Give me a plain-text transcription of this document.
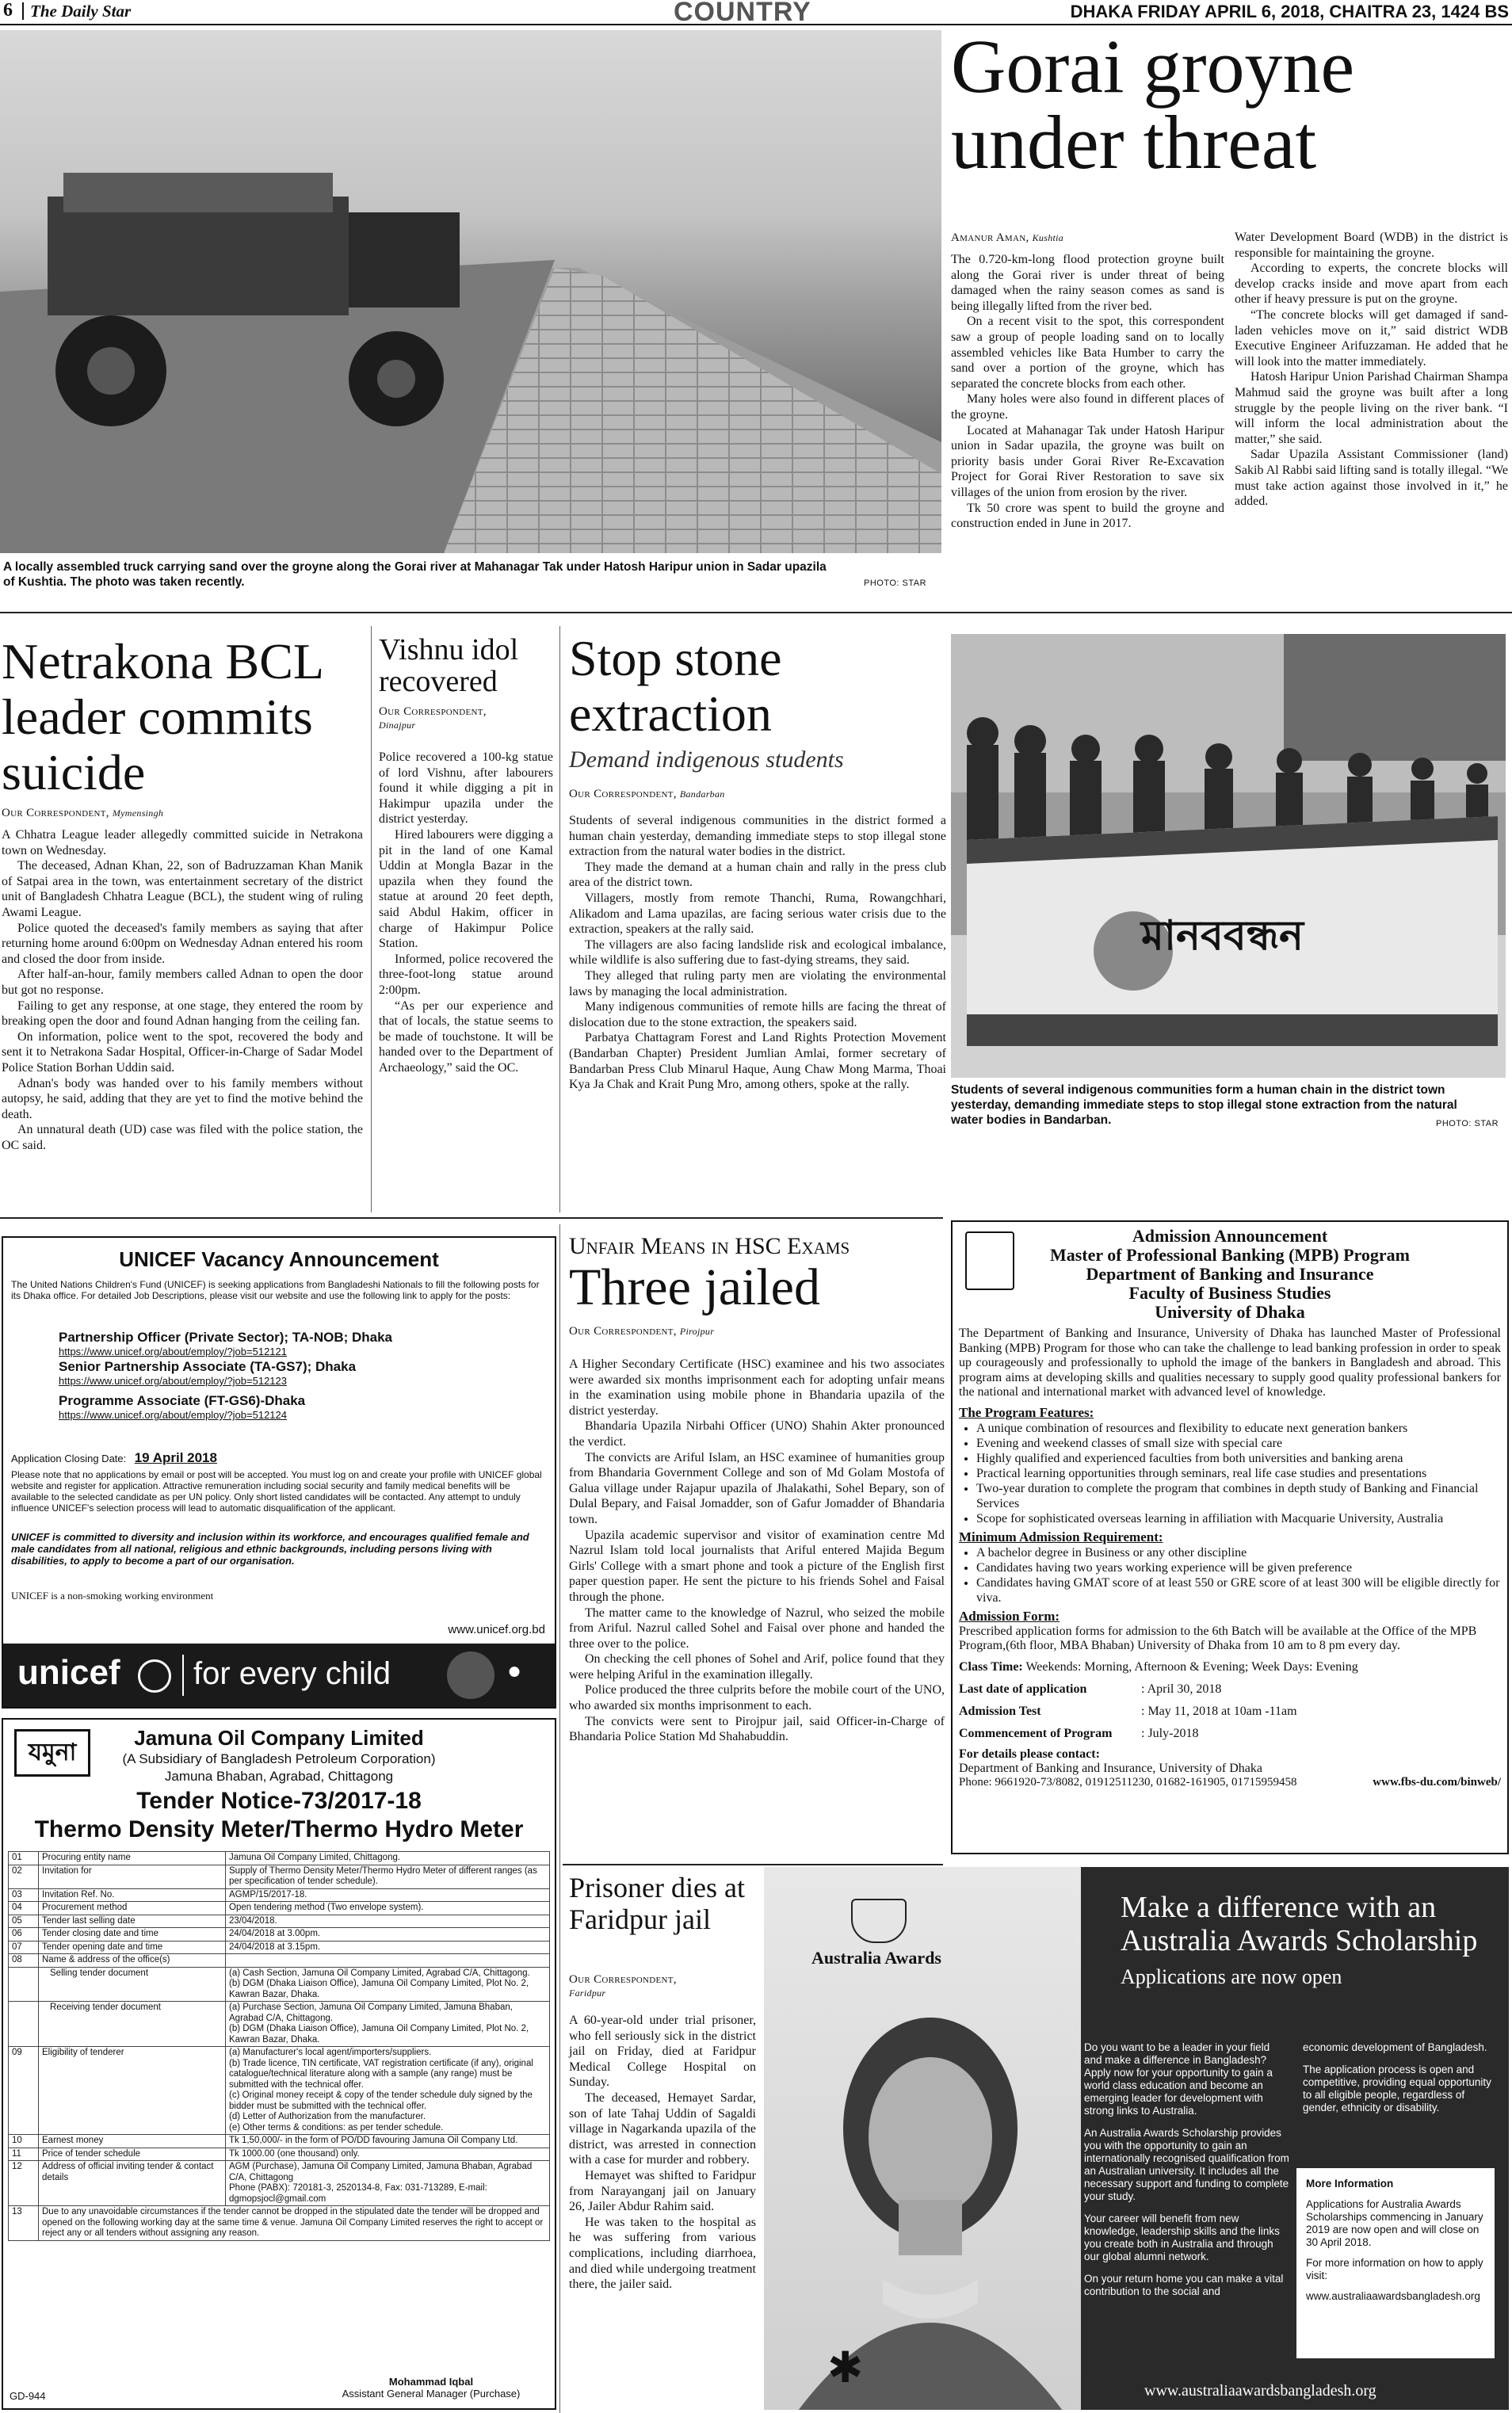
6 The Daily Star	COUNTRY	DHAKA FRIDAY APRIL 6, 2018, CHAITRA 23, 1424 BS
A locally assembled truck carrying sand over the groyne along the Gorai river at Mahanagar Tak under Hatosh Haripur union in Sadar upazila of Kushtia. The photo was taken recently.	PHOTO: STAR
Gorai groyne
under threat
Amanur Aman, Kushtia

The 0.720-km-long flood protection groyne built along the Gorai river is under threat of being damaged when the rainy season comes as sand is being illegally lifted from the river bed.

On a recent visit to the spot, this correspondent saw a group of people loading sand on to locally assembled vehicles like Bata Humber to carry the sand over a portion of the groyne, which has separated the concrete blocks from each other.

Many holes were also found in different places of the groyne.

Located at Mahanagar Tak under Hatosh Haripur union in Sadar upazila, the groyne was built on priority basis under Gorai River Re-Excavation Project for Gorai River Restoration to save six villages of the union from erosion by the river.

Tk 50 crore was spent to build the groyne and construction ended in June in 2017.

Water Development Board (WDB) in the district is responsible for maintaining the groyne.

According to experts, the concrete blocks will develop cracks inside and move apart from each other if heavy pressure is put on the groyne.

“The concrete blocks will get damaged if sand-laden vehicles move on it,” said district WDB Executive Engineer Arifuzzaman. He added that he will look into the matter immediately.

Hatosh Haripur Union Parishad Chairman Shampa Mahmud said the groyne was built after a long struggle by the people living on the river bank. “I will inform the local administration about the matter,” she said.

Sadar Upazila Assistant Commissioner (land) Sakib Al Rabbi said lifting sand is totally illegal. “We must take action against those involved in it,” he added.

Netrakona BCL leader commits suicide
Our Correspondent, Mymensingh

A Chhatra League leader allegedly committed suicide in Netrakona town on Wednesday.

The deceased, Adnan Khan, 22, son of Badruzzaman Khan Manik of Satpai area in the town, was entertainment secretary of the district unit of Bangladesh Chhatra League (BCL), the student wing of ruling Awami League.

Police quoted the deceased's family members as saying that after returning home around 6:00pm on Wednesday Adnan entered his room and closed the door from inside.

After half-an-hour, family members called Adnan to open the door but got no response.

Failing to get any response, at one stage, they entered the room by breaking open the door and found Adnan hanging from the ceiling fan.

On information, police went to the spot, recovered the body and sent it to Netrakona Sadar Hospital, Officer-in-Charge of Sadar Model Police Station Borhan Uddin said.

Adnan's body was handed over to his family members without autopsy, he said, adding that they are yet to find the motive behind the death.

An unnatural death (UD) case was filed with the police station, the OC said.

Vishnu idol recovered
Our Correspondent,
Dinajpur

Police recovered a 100-kg statue of lord Vishnu, after labourers found it while digging a pit in Hakimpur upazila under the district yesterday.

Hired labourers were digging a pit in the land of one Kamal Uddin at Mongla Bazar in the upazila when they found the statue at around 20 feet depth, said Abdul Hakim, officer in charge of Hakimpur Police Station.

Informed, police recovered the three-foot-long statue around 2:00pm.

“As per our experience and that of locals, the statue seems to be made of touchstone. It will be handed over to the Department of Archaeology,” said the OC.

Stop stone extraction
Demand indigenous students
Our Correspondent, Bandarban

Students of several indigenous communities in the district formed a human chain yesterday, demanding immediate steps to stop illegal stone extraction from the natural water bodies in the district.

They made the demand at a human chain and rally in the press club area of the district town.

Villagers, mostly from remote Thanchi, Ruma, Rowangchhari, Alikadom and Lama upazilas, are facing serious water crisis due to the extraction, speakers at the rally said.

The villagers are also facing landslide risk and ecological imbalance, while wildlife is also suffering due to fast-dying streams, they said.

They alleged that ruling party men are violating the environmental laws by managing the local administration.

Many indigenous communities of remote hills are facing the threat of dislocation due to the stone extraction, the speakers said.

Parbatya Chattagram Forest and Land Rights Protection Movement (Bandarban Chapter) President Jumlian Amlai, former secretary of Bandarban Press Club Minarul Haque, Aung Chaw Mong Marma, Thoai Kya Ja Chak and Krait Pung Mro, among others, spoke at the rally.

মানববন্ধন
Students of several indigenous communities form a human chain in the district town yesterday, demanding immediate steps to stop illegal stone extraction from the natural water bodies in Bandarban.	PHOTO: STAR
UNICEF Vacancy Announcement
The United Nations Children's Fund (UNICEF) is seeking applications from Bangladeshi Nationals to fill the following posts for its Dhaka office. For detailed Job Descriptions, please visit our website and use the following link to apply for the posts:
Partnership Officer (Private Sector); TA-NOB; Dhaka
https://www.unicef.org/about/employ/?job=512121
Senior Partnership Associate (TA-GS7); Dhaka
https://www.unicef.org/about/employ/?job=512123
Programme Associate (FT-GS6)-Dhaka
https://www.unicef.org/about/employ/?job=512124
Application Closing Date: 19 April 2018
Please note that no applications by email or post will be accepted. You must log on and create your profile with UNICEF global website and register for application. Attractive remuneration including social security and family medical benefits will be available to the selected candidate as per UN policy. Only short listed candidates will be contacted. Any attempt to unduly influence UNICEF's selection process will lead to automatic disqualification of the applicant.
UNICEF is committed to diversity and inclusion within its workforce, and encourages qualified female and male candidates from all national, religious and ethnic backgrounds, including persons living with disabilities, to apply to become a part of our organisation.
UNICEF is a non-smoking working environment
www.unicef.org.bd
unicef for every child	●
যমুনা
Jamuna Oil Company Limited
(A Subsidiary of Bangladesh Petroleum Corporation)
Jamuna Bhaban, Agrabad, Chittagong
Tender Notice-73/2017-18
Thermo Density Meter/Thermo Hydro Meter
01	Procuring entity name	Jamuna Oil Company Limited, Chittagong.
02	Invitation for	Supply of Thermo Density Meter/Thermo Hydro Meter of different ranges (as per specification of tender schedule).
03	Invitation Ref. No.	AGMP/15/2017-18.
04	Procurement method	Open tendering method (Two envelope system).
05	Tender last selling date	23/04/2018.
06	Tender closing date and time	24/04/2018 at 3.00pm.
07	Tender opening date and time	24/04/2018 at 3.15pm.
08	Name & address of the office(s)	
	Selling tender document	(a) Cash Section, Jamuna Oil Company Limited, Agrabad C/A, Chittagong.
(b) DGM (Dhaka Liaison Office), Jamuna Oil Company Limited, Plot No. 2, Kawran Bazar, Dhaka.
	Receiving tender document	(a) Purchase Section, Jamuna Oil Company Limited, Jamuna Bhaban, Agrabad C/A, Chittagong.
(b) DGM (Dhaka Liaison Office), Jamuna Oil Company Limited, Plot No. 2, Kawran Bazar, Dhaka.
09	Eligibility of tenderer	(a) Manufacturer's local agent/importers/suppliers.
(b) Trade licence, TIN certificate, VAT registration certificate (if any), original catalogue/technical literature along with a sample (any range) must be submitted with the technical offer.
(c) Original money receipt & copy of the tender schedule duly signed by the bidder must be submitted with the technical offer.
(d) Letter of Authorization from the manufacturer.
(e) Other terms & conditions: as per tender schedule.
10	Earnest money	Tk 1,50,000/- in the form of PO/DD favouring Jamuna Oil Company Ltd.
11	Price of tender schedule	Tk 1000.00 (one thousand) only.
12	Address of official inviting tender & contact details	AGM (Purchase), Jamuna Oil Company Limited, Jamuna Bhaban, Agrabad C/A, Chittagong
Phone (PABX): 720181-3, 2520134-8, Fax: 031-713289, E-mail: dgmopsjocl@gmail.com
13	Due to any unavoidable circumstances if the tender cannot be dropped in the stipulated date the tender will be dropped and opened on the following working day at the same time & venue. Jamuna Oil Company Limited reserves the right to accept or reject any or all tenders without assigning any reason.	
Mohammad Iqbal
Assistant General Manager (Purchase)
GD-944
Unfair Means in HSC Exams
Three jailed
Our Correspondent, Pirojpur

A Higher Secondary Certificate (HSC) examinee and his two associates were awarded six months imprisonment each for adopting unfair means in the examination using mobile phone in Bhandaria upazila of the district yesterday.

Bhandaria Upazila Nirbahi Officer (UNO) Shahin Akter pronounced the verdict.

The convicts are Ariful Islam, an HSC examinee of humanities group from Bhandaria Government College and son of Md Golam Mostofa of Galua village under Rajapur upazila of Jhalakathi, Sohel Bepary, son of Dulal Bepary, and Faisal Jomadder, son of Gafur Jomadder of Bhandaria town.

Upazila academic supervisor and visitor of examination centre Md Nazrul Islam told local journalists that Ariful entered Majida Begum Girls' College with a smart phone and took a picture of the English first paper question paper. He sent the picture to his friends Sohel and Faisal through the phone.

The matter came to the knowledge of Nazrul, who seized the mobile from Ariful. Nazrul called Sohel and Faisal over phone and handed the three over to the police.

On checking the cell phones of Sohel and Arif, police found that they were helping Ariful in the examination illegally.

Police produced the three culprits before the mobile court of the UNO, who awarded six months imprisonment to each.

The convicts were sent to Pirojpur jail, said Officer-in-Charge of Bhandaria Police Station Md Shahabuddin.

Prisoner dies at Faridpur jail
Our Correspondent,
Faridpur

A 60-year-old under trial prisoner, who fell seriously sick in the district jail on Friday, died at Faridpur Medical College Hospital on Sunday.

The deceased, Hemayet Sardar, son of late Tahaj Uddin of Sagaldi village in Nagarkanda upazila of the district, was arrested in connection with a case for murder and robbery.

Hemayet was shifted to Faridpur from Narayanganj jail on January 26, Jailer Abdur Rahim said.

He was taken to the hospital as he was suffering from various complications, including diarrhoea, and died while undergoing treatment there, the jailer said.

Admission Announcement
Master of Professional Banking (MPB) Program
Department of Banking and Insurance
Faculty of Business Studies
University of Dhaka
The Department of Banking and Insurance, University of Dhaka has launched Master of Professional Banking (MPB) Program for those who can take the challenge to lead banking profession in order to speak up courageously and professionally to uphold the image of the bankers in Bangladesh and abroad. This program aims at developing skills and qualities necessary to supply good quality professional bankers for the national and international market with advanced level of knowledge.
The Program Features:
• A unique combination of resources and flexibility to educate next generation bankers
• Evening and weekend classes of small size with special care
• Highly qualified and experienced faculties from both universities and banking arena
• Practical learning opportunities through seminars, real life case studies and presentations
• Two-year duration to complete the program that combines in depth study of Banking and Financial Services
• Scope for sophisticated overseas learning in affiliation with Macquarie University, Australia
Minimum Admission Requirement:
• A bachelor degree in Business or any other discipline
• Candidates having two years working experience will be given preference
• Candidates having GMAT score of at least 550 or GRE score of at least 300 will be eligible directly for viva.
Admission Form:
Prescribed application forms for admission to the 6th Batch will be available at the Office of the MPB Program,(6th floor, MBA Bhaban) University of Dhaka from 10 am to 8 pm every day.
Class Time: Weekends: Morning, Afternoon & Evening; Week Days: Evening
Last date of application	: April 30, 2018
Admission Test	: May 11, 2018 at 10am -11am
Commencement of Program	: July-2018
For details please contact:
Department of Banking and Insurance, University of Dhaka
Phone: 9661920-73/8082, 01912511230, 01682-161905, 01715959458	www.fbs-du.com/binweb/
Australia Awards
✱
Make a difference with an Australia Awards Scholarship
Applications are now open

Do you want to be a leader in your field and make a difference in Bangladesh? Apply now for your opportunity to gain a world class education and become an emerging leader for development with strong links to Australia.

An Australia Awards Scholarship provides you with the opportunity to gain an internationally recognised qualification from an Australian university. It includes all the necessary support and funding to complete your study.

Your career will benefit from new knowledge, leadership skills and the links you create both in Australia and through our global alumni network.

On your return home you can make a vital contribution to the social and

economic development of Bangladesh.

The application process is open and competitive, providing equal opportunity to all eligible people, regardless of gender, ethnicity or disability.

More Information
Applications for Australia Awards Scholarships commencing in January 2019 are now open and will close on 30 April 2018.
For more information on how to apply visit:
www.australiaawardsbangladesh.org
www.australiaawardsbangladesh.org
